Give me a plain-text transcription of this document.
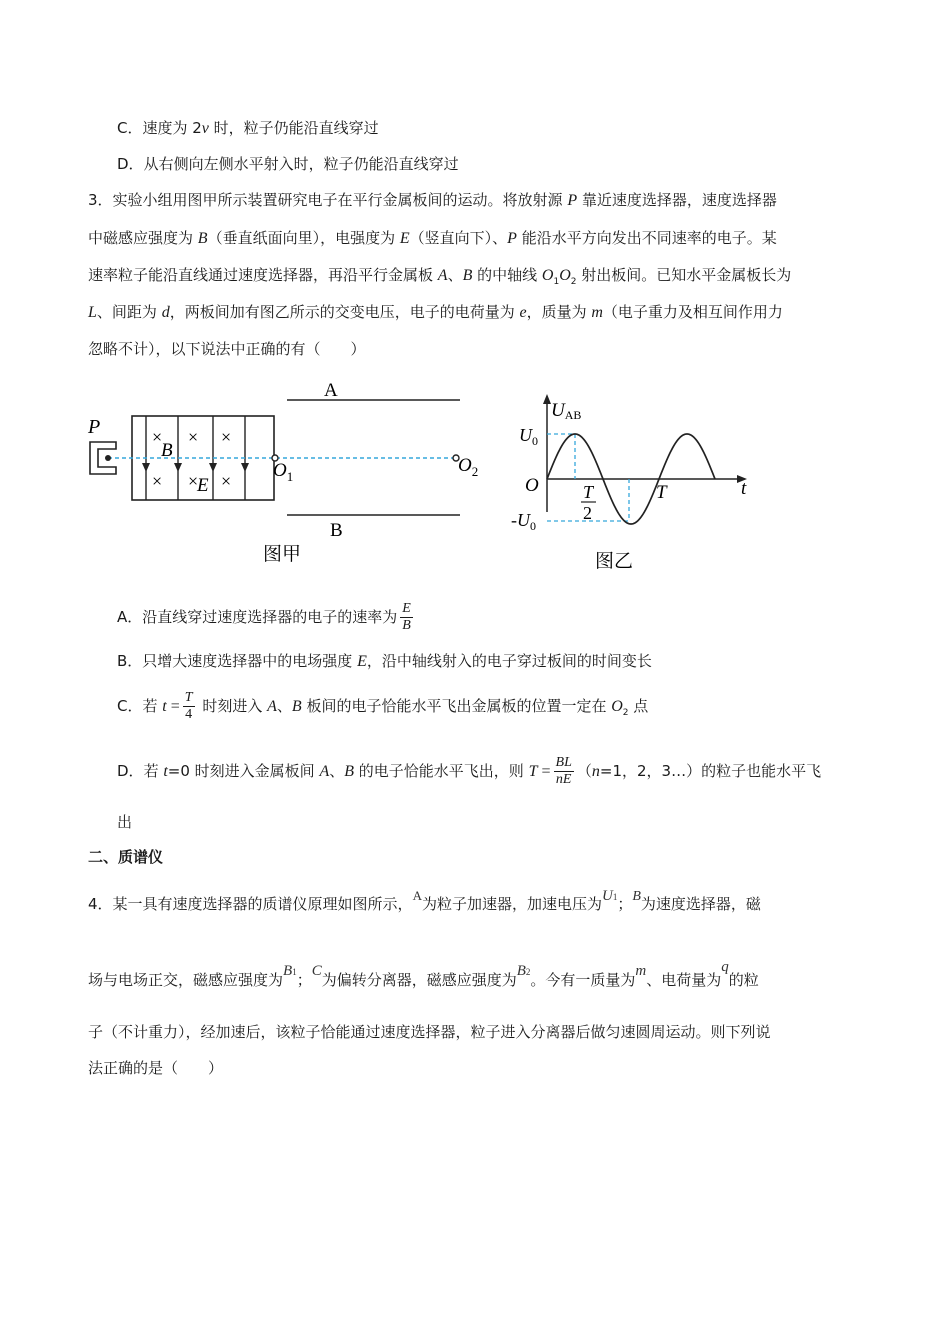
C．速度为 2v 时，粒子仍能沿直线穿过
D．从右侧向左侧水平射入时，粒子仍能沿直线穿过
3．实验小组用图甲所示装置研究电子在平行金属板间的运动。将放射源 P 靠近速度选择器，速度选择器
中磁感应强度为 B（垂直纸面向里），电强度为 E（竖直向下）、P 能沿水平方向发出不同速率的电子。某
速率粒子能沿直线通过速度选择器，再沿平行金属板 A、B 的中轴线 $O_1O_2$ 射出板间。已知水平金属板长为
L、间距为 d，两板间加有图乙所示的交变电压，电子的电荷量为 e，质量为 m（电子重力及相互间作用力
忽略不计），以下说法中正确的有（　　）
A
B
P	× × ×
× × ×
B
E
$O_1$
$O_2$
图甲
UAB
t
O
$U_0$
$-U_0$
T
2
T
图乙
A．沿直线穿过速度选择器的电子的速率为 $\frac{E}{B}$
B．只增大速度选择器中的电场强度 E，沿中轴线射入的电子穿过板间的时间变长
C．若 $t = \frac{T}{4}$ 时刻进入 A、B 板间的电子恰能水平飞出金属板的位置一定在 $O_2$ 点
D．若 t=0 时刻进入金属板间 A、B 的电子恰能水平飞出，则 $T = \frac{BL}{nE} (n=1$，2，3…）的粒子也能水平飞
出
二、质谱仪
4．某一具有速度选择器的质谱仪原理如图所示，A为粒子加速器，加速电压为U1；B为速度选择器，磁
场与电场正交，磁感应强度为B1；C为偏转分离器，磁感应强度为B2。今有一质量为m、电荷量为q的粒
子（不计重力），经加速后，该粒子恰能通过速度选择器，粒子进入分离器后做匀速圆周运动。则下列说
法正确的是（　　）
